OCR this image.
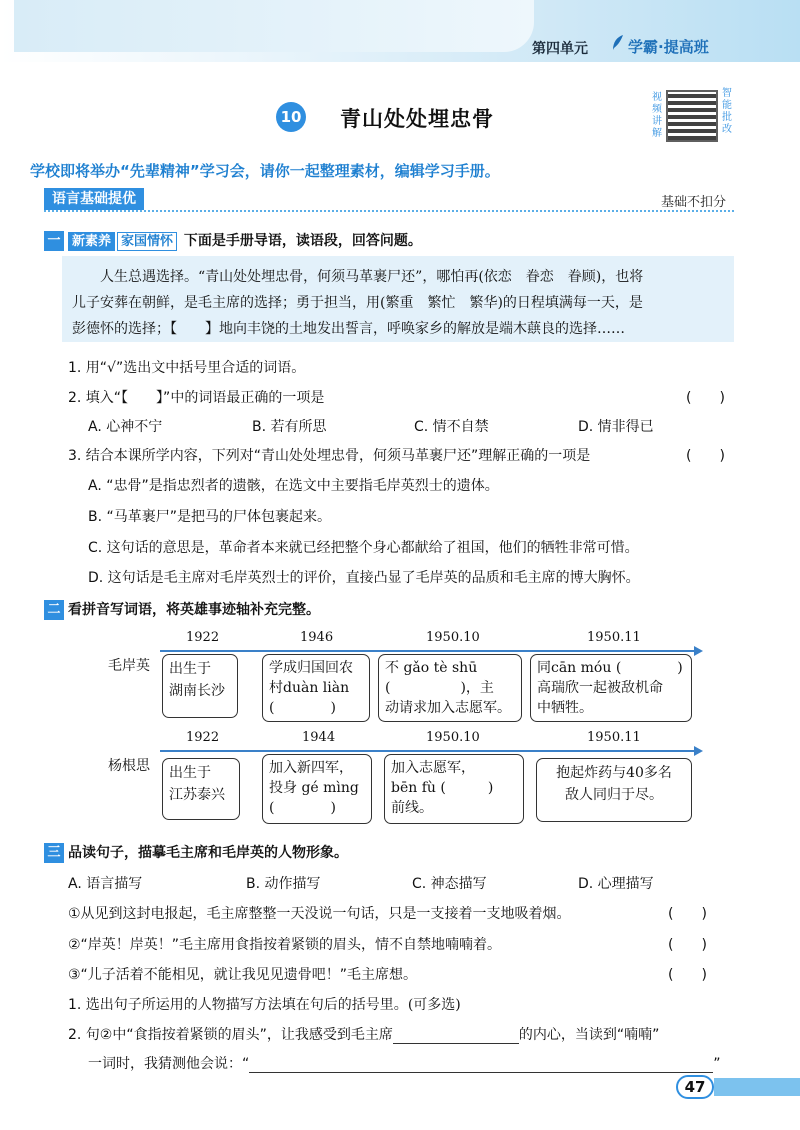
第四单元	学霸·提高班
10 青山处处埋忠骨
视频讲解
智能批改
学校即将举办“先辈精神”学习会，请你一起整理素材，编辑学习手册。
语言基础提优	基础不扣分
一 新素养 家国情怀 下面是手册导语，读语段，回答问题。

人生总遇选择。“青山处处埋忠骨，何须马革裹尸还”，哪怕再(依恋　眷恋　眷顾)，也将

儿子安葬在朝鲜，是毛主席的选择；勇于担当，用(繁重　繁忙　繁华)的日程填满每一天，是

彭德怀的选择；【　　】地向丰饶的土地发出誓言，呼唤家乡的解放是端木蕻良的选择……

1. 用“√”选出文中括号里合适的词语。
2. 填入“【　　】”中的词语最正确的一项是	(　　)
A. 心神不宁	B. 若有所思	C. 情不自禁	D. 情非得已
3. 结合本课所学内容，下列对“青山处处埋忠骨，何须马革裹尸还”理解正确的一项是	(　　)
A. “忠骨”是指忠烈者的遗骸，在选文中主要指毛岸英烈士的遗体。
B. “马革裹尸”是把马的尸体包裹起来。
C. 这句话的意思是，革命者本来就已经把整个身心都献给了祖国，他们的牺牲非常可惜。
D. 这句话是毛主席对毛岸英烈士的评价，直接凸显了毛岸英的品质和毛主席的博大胸怀。
二 看拼音写词语，将英雄事迹轴补充完整。
毛岸英
1922	1946	1950.10	1950.11
出生于
湖南长沙
学成归国回农
村duàn liàn
(　　　　)
不 gǎo tè shū
(　　　　　)，主
动请求加入志愿军。
同cān móu (　　　　)
高瑞欣一起被敌机命
中牺牲。
杨根思
1922	1944	1950.10	1950.11
出生于
江苏泰兴
加入新四军，
投身 gé mìng
(　　　　)
加入志愿军，
bēn fù (　　　)
前线。
抱起炸药与40多名
敌人同归于尽。
三 品读句子，描摹毛主席和毛岸英的人物形象。
A. 语言描写	B. 动作描写	C. 神态描写	D. 心理描写
①从见到这封电报起，毛主席整整一天没说一句话，只是一支接着一支地吸着烟。	(　　)
②“岸英！岸英！”毛主席用食指按着紧锁的眉头，情不自禁地喃喃着。	(　　)
③“儿子活着不能相见，就让我见见遗骨吧！”毛主席想。	(　　)
1. 选出句子所运用的人物描写方法填在句后的括号里。(可多选)
2. 句②中“食指按着紧锁的眉头”，让我感受到毛主席	的内心，当读到“喃喃”
一词时，我猜测他会说：“	”
47
